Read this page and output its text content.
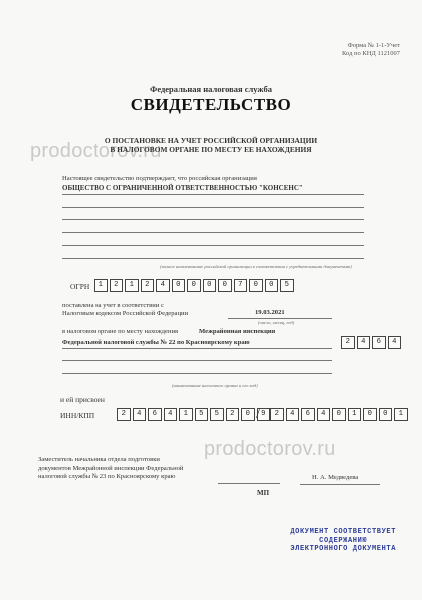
Форма № 1-1-Учет
Код по КНД 1121007
Федеральная налоговая служба
СВИДЕТЕЛЬСТВО
prodoctorov.ru
О ПОСТАНОВКЕ НА УЧЕТ РОССИЙСКОЙ ОРГАНИЗАЦИИ
В НАЛОГОВОМ ОРГАНЕ ПО МЕСТУ ЕЕ НАХОЖДЕНИЯ
Настоящее свидетельство подтверждает, что российская организация
ОБЩЕСТВО С ОГРАНИЧЕННОЙ ОТВЕТСТВЕННОСТЬЮ "КОНСЕНС"
(полное наименование российской организации в соответствии с учредительными документами)
ОГРН	1	2	1	2	4	0	0	0	0	7	0	0	5
поставлена на учет в соответствии с
Налоговым кодексом Российской Федерации	19.03.2021
(число, месяц, год)
в налоговом органе по месту нахождения	Межрайонная инспекция
Федеральной налоговой службы № 22 по Красноярскому краю	2	4	6	4
(наименование налогового органа и его код)
и ей присвоен
ИНН/КПП	2	4	6	4	1	5	5	2	0	9
/	2	4	6	4	0	1	0	0	1
prodoctorov.ru
Заместитель начальника отдела подготовки
документов Межрайонной инспекции Федеральной
налоговой службы № 23 по Красноярскому краю	Н. А. Медведева
МП
ДОКУМЕНТ СООТВЕТСТВУЕТ
СОДЕРЖАНИЮ
ЭЛЕКТРОННОГО ДОКУМЕНТА
